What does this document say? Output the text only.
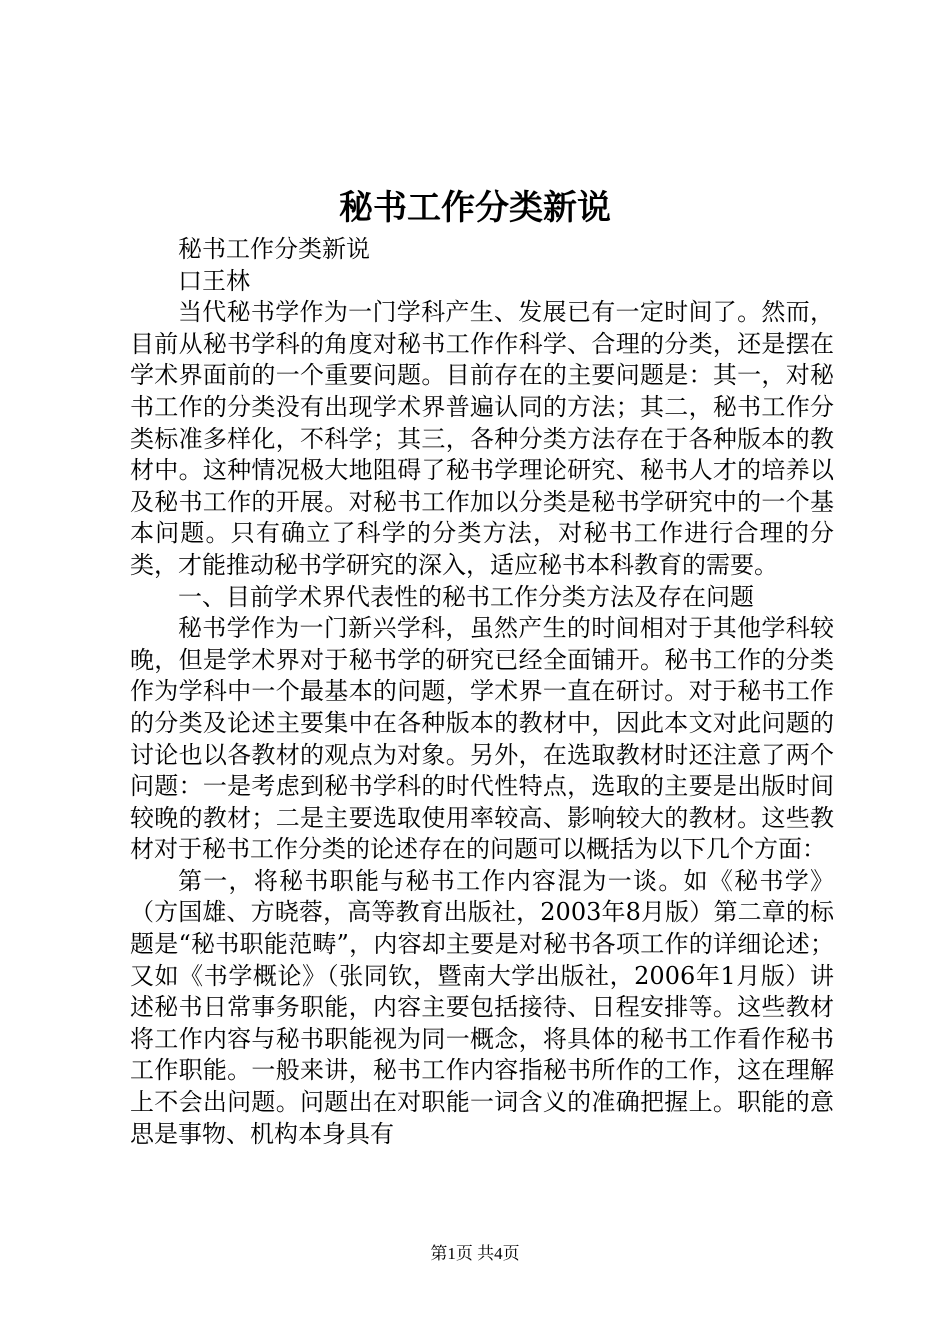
秘书工作分类新说

秘书工作分类新说

口王林

当代秘书学作为一门学科产生、发展已有一定时间了。然而，目前从秘书学科的角度对秘书工作作科学、合理的分类，还是摆在学术界面前的一个重要问题。目前存在的主要问题是：其一，对秘书工作的分类没有出现学术界普遍认同的方法；其二，秘书工作分类标准多样化，不科学；其三，各种分类方法存在于各种版本的教材中。这种情况极大地阻碍了秘书学理论研究、秘书人才的培养以及秘书工作的开展。对秘书工作加以分类是秘书学研究中的一个基本问题。只有确立了科学的分类方法，对秘书工作进行合理的分类，才能推动秘书学研究的深入，适应秘书本科教育的需要。

一、目前学术界代表性的秘书工作分类方法及存在问题

秘书学作为一门新兴学科，虽然产生的时间相对于其他学科较晚，但是学术界对于秘书学的研究已经全面铺开。秘书工作的分类作为学科中一个最基本的问题，学术界一直在研讨。对于秘书工作的分类及论述主要集中在各种版本的教材中，因此本文对此问题的讨论也以各教材的观点为对象。另外，在选取教材时还注意了两个问题：一是考虑到秘书学科的时代性特点，选取的主要是出版时间较晚的教材；二是主要选取使用率较高、影响较大的教材。这些教材对于秘书工作分类的论述存在的问题可以概括为以下几个方面：

第一，将秘书职能与秘书工作内容混为一谈。如《秘书学》（方国雄、方晓蓉，高等教育出版社，2003年8月版）第二章的标题是“秘书职能范畴”，内容却主要是对秘书各项工作的详细论述；又如《书学概论》（张同钦，暨南大学出版社，2006年1月版）讲述秘书日常事务职能，内容主要包括接待、日程安排等。这些教材将工作内容与秘书职能视为同一概念，将具体的秘书工作看作秘书工作职能。一般来讲，秘书工作内容指秘书所作的工作，这在理解上不会出问题。问题出在对职能一词含义的准确把握上。职能的意思是事物、机构本身具有

第1页 共4页
